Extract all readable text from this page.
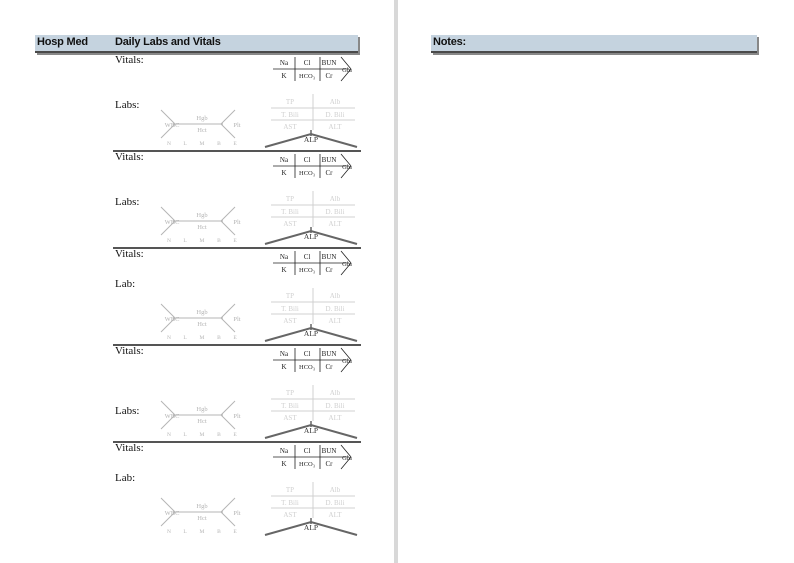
Hosp Med Daily Labs and Vitals
Vitals:
Labs:
Na Cl BUN
K HCO₃ Cr
Glu
WBC
Hgb
Hct
Plt
N L M B E
TP	Alb
T. Bili	D. Bili
AST	ALT
ALP
Vitals:
Labs:
Na Cl BUN
K HCO₃ Cr
Glu
WBC
Hgb
Hct
Plt
N L M B E
TP	Alb
T. Bili	D. Bili
AST	ALT
ALP
Vitals:
Lab:
Na Cl BUN
K HCO₃ Cr
Glu
WBC
Hgb
Hct
Plt
N L M B E
TP	Alb
T. Bili	D. Bili
AST	ALT
ALP
Vitals:
Labs:
Na Cl BUN
K HCO₃ Cr
Glu
WBC
Hgb
Hct
Plt
N L M B E
TP	Alb
T. Bili	D. Bili
AST	ALT
ALP
Vitals:
Lab:
Na Cl BUN
K HCO₃ Cr
Glu
WBC
Hgb
Hct
Plt
N L M B E
TP	Alb
T. Bili	D. Bili
AST	ALT
ALP
Notes:
